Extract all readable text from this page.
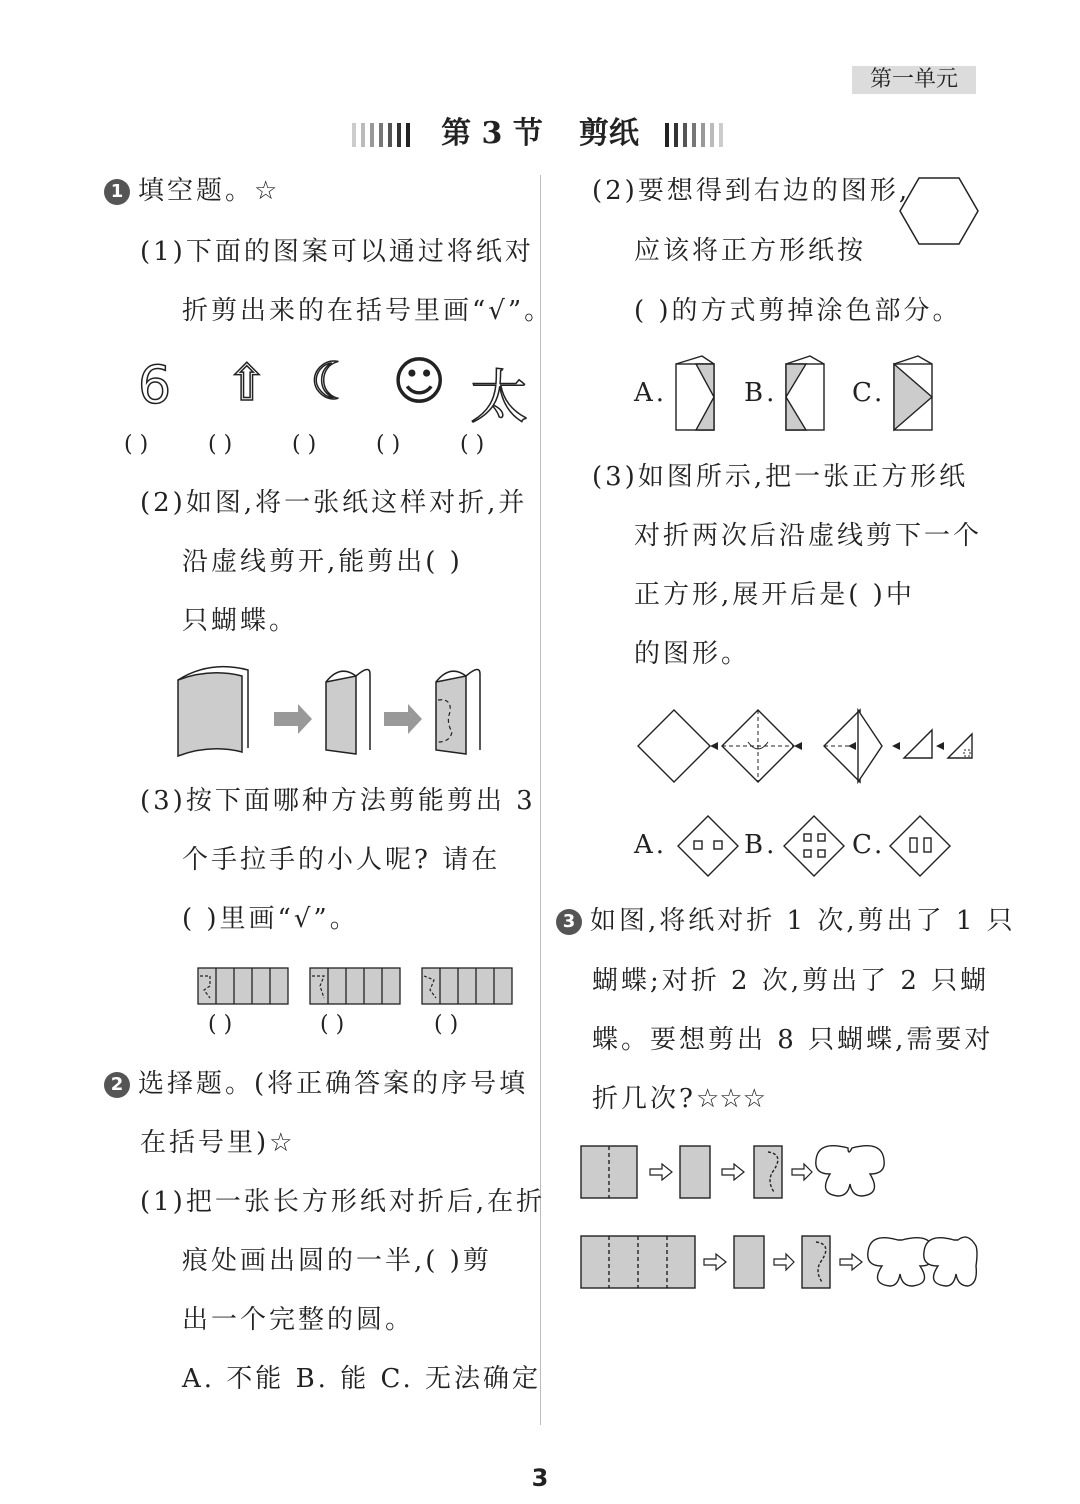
第一单元
第 3 节 剪纸
1 填空题。☆
(1)下面的图案可以通过将纸对
折剪出来的在括号里画“√”。
6 ⇧ ☾ ☺ 太
( )	( )	( )	( )	( )
(2)如图,将一张纸这样对折,并
沿虚线剪开,能剪出( )
只蝴蝶。
(3)按下面哪种方法剪能剪出 3
个手拉手的小人呢? 请在
( )里画“√”。
( )	( )	( )
2 选择题。(将正确答案的序号填
在括号里)☆
(1)把一张长方形纸对折后,在折
痕处画出圆的一半,( )剪
出一个完整的圆。
A. 不能 B. 能 C. 无法确定
(2)要想得到右边的图形,
应该将正方形纸按
( )的方式剪掉涂色部分。
A.	B.	C.
(3)如图所示,把一张正方形纸
对折两次后沿虚线剪下一个
正方形,展开后是( )中
的图形。
A.	B.	C.
3 如图,将纸对折 1 次,剪出了 1 只
蝴蝶;对折 2 次,剪出了 2 只蝴
蝶。要想剪出 8 只蝴蝶,需要对
折几次?☆☆☆
3
